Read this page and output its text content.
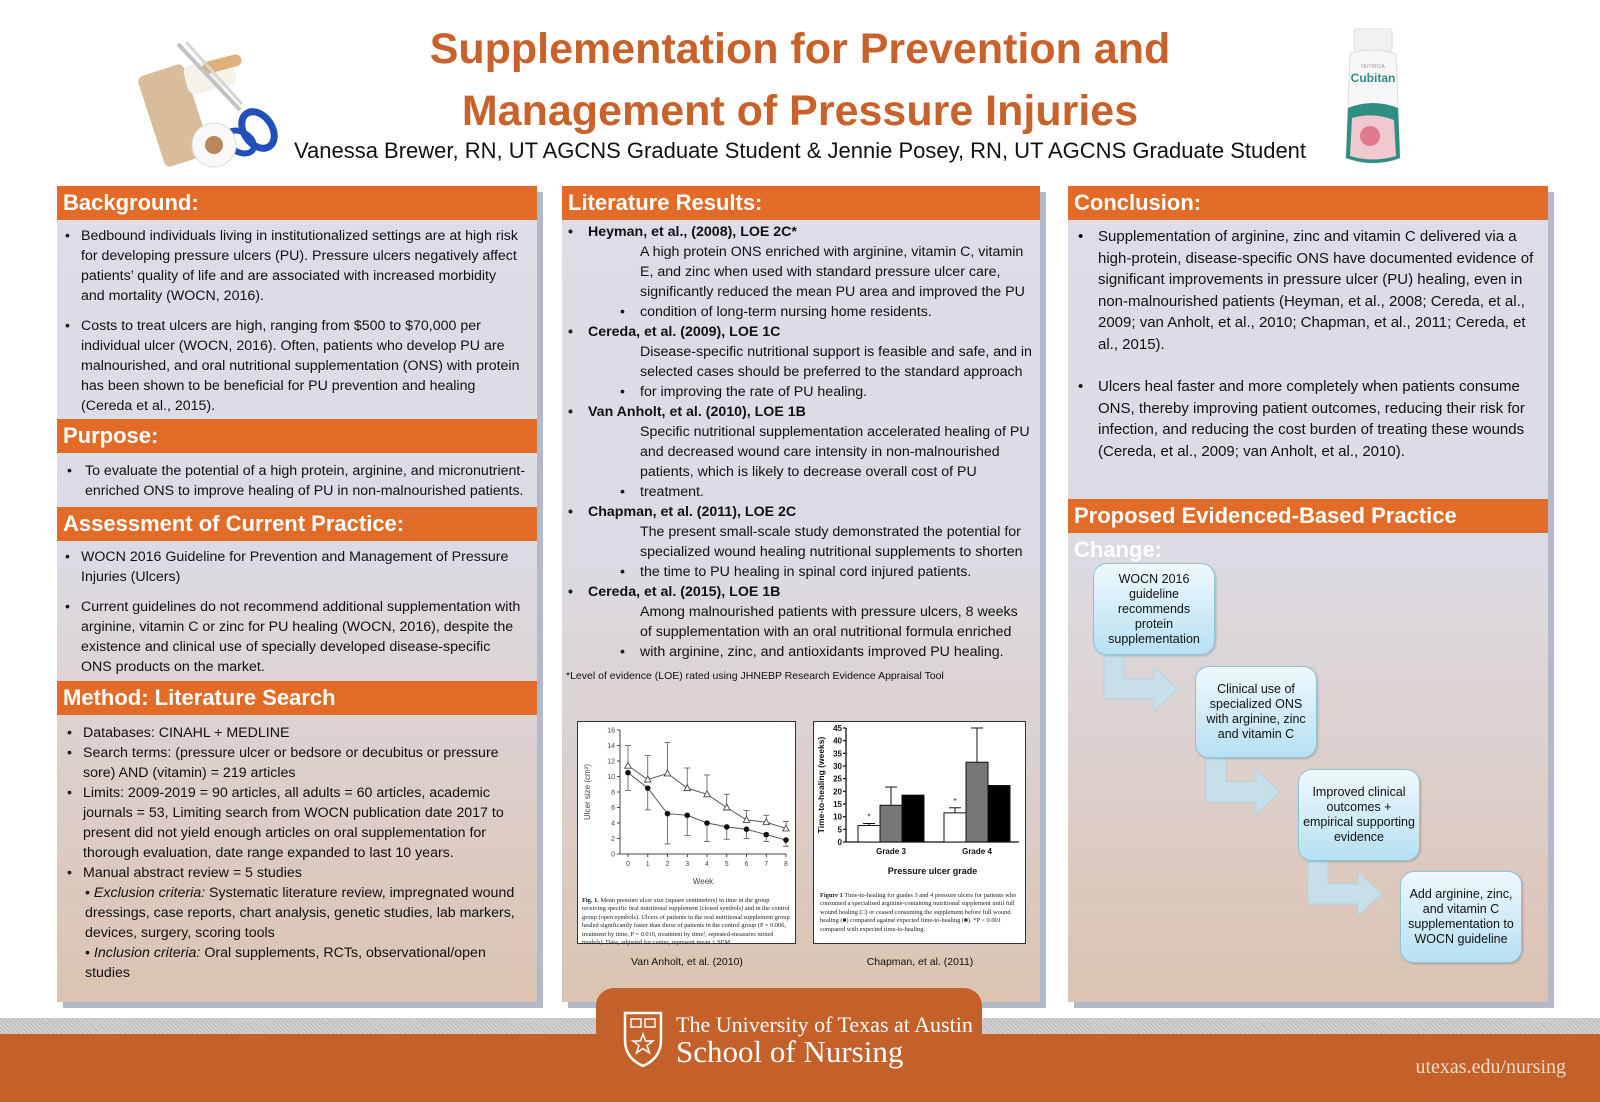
Supplementation for Prevention and
Management of Pressure Injuries
Vanessa Brewer, RN, UT AGCNS Graduate Student & Jennie Posey, RN, UT AGCNS Graduate Student
NUTRICIA
Cubitan
Background:
• Bedbound individuals living in institutionalized settings are at high risk for developing pressure ulcers (PU). Pressure ulcers negatively affect patients’ quality of life and are associated with increased morbidity and mortality (WOCN, 2016).
• Costs to treat ulcers are high, ranging from $500 to $70,000 per individual ulcer (WOCN, 2016). Often, patients who develop PU are malnourished, and oral nutritional supplementation (ONS) with protein has been shown to be beneficial for PU prevention and healing (Cereda et al., 2015).
Purpose:
• To evaluate the potential of a high protein, arginine, and micronutrient-enriched ONS to improve healing of PU in non-malnourished patients.
Assessment of Current Practice:
• WOCN 2016 Guideline for Prevention and Management of Pressure Injuries (Ulcers)
• Current guidelines do not recommend additional supplementation with arginine, vitamin C or zinc for PU healing (WOCN, 2016), despite the existence and clinical use of specially developed disease-specific ONS products on the market.
Method: Literature Search
• Databases: CINAHL + MEDLINE
• Search terms: (pressure ulcer or bedsore or decubitus or pressure sore) AND (vitamin) = 219 articles
• Limits: 2009-2019 = 90 articles, all adults = 60 articles, academic journals = 53, Limiting search from WOCN publication date 2017 to present did not yield enough articles on oral supplementation for thorough evaluation, date range expanded to last 10 years.
• Manual abstract review = 5 studies
• Exclusion criteria: Systematic literature review, impregnated wound dressings, case reports, chart analysis, genetic studies, lab markers, devices, surgery, scoring tools
• Inclusion criteria: Oral supplements, RCTs, observational/open studies
Literature Results:
Heyman, et al., (2008), LOE 2C*
•
A high protein ONS enriched with arginine, vitamin C, vitamin E, and zinc when used with standard pressure ulcer care, significantly reduced the mean PU area and improved the PU condition of long-term nursing home residents.
•
Cereda, et al. (2009), LOE 1C
•
Disease-specific nutritional support is feasible and safe, and in selected cases should be preferred to the standard approach for improving the rate of PU healing.
•
Van Anholt, et al. (2010), LOE 1B
•
Specific nutritional supplementation accelerated healing of PU and decreased wound care intensity in non-malnourished patients, which is likely to decrease overall cost of PU treatment.
•
Chapman, et al. (2011), LOE 2C
•
The present small-scale study demonstrated the potential for specialized wound healing nutritional supplements to shorten the time to PU healing in spinal cord injured patients.
•
Cereda, et al. (2015), LOE 1B
•
Among malnourished patients with pressure ulcers, 8 weeks of supplementation with an oral nutritional formula enriched with arginine, zinc, and antioxidants improved PU healing.
•
*Level of evidence (LOE) rated using JHNEBP Research Evidence Appraisal Tool
0
2
4
6
8
10
12
14
16
0 1 2 3 4 5 6 7 8
Week
Ulcer size (cm²)
Fig. 1. Mean pressure ulcer size (square centimeters) in time in the group receiving specific oral nutritional supplement (closed symbols) and in the control group (open symbols). Ulcers of patients in the oral nutritional supplement group healed significantly faster than those of patients in the control group (P = 0.006, treatment by time; P = 0.016, treatment by time², repeated-measures mixed models). Data, adjusted for center, represent mean ± SEM.
Van Anholt, et al. (2010)
0
5
10
15
20
25
30
35
40
45
Time-to-healing (weeks)	*
Grade 3
*
Grade 4
Pressure ulcer grade
Figure 1 Time-to-healing for grades 3 and 4 pressure ulcers for patients who consumed a specialised arginine-containing nutritional supplement until full wound healing (□) or ceased consuming the supplement before full wound healing (■) compared against expected time-to-healing (■). *P < 0.001 compared with expected time-to-healing.
Chapman, et al. (2011)
Conclusion:
• Supplementation of arginine, zinc and vitamin C delivered via a high-protein, disease-specific ONS have documented evidence of significant improvements in pressure ulcer (PU) healing, even in non-malnourished patients (Heyman, et al., 2008; Cereda, et al., 2009; van Anholt, et al., 2010; Chapman, et al., 2011; Cereda, et al., 2015).
• Ulcers heal faster and more completely when patients consume ONS, thereby improving patient outcomes, reducing their risk for infection, and reducing the cost burden of treating these wounds (Cereda, et al., 2009; van Anholt, et al., 2010).
Proposed Evidenced-Based Practice Change:
WOCN 2016 guideline recommends protein supplementation
Clinical use of specialized ONS with arginine, zinc and vitamin C
Improved clinical outcomes + empirical supporting evidence
Add arginine, zinc, and vitamin C supplementation to WOCN guideline
The University of Texas at Austin
School of Nursing	utexas.edu/nursing
